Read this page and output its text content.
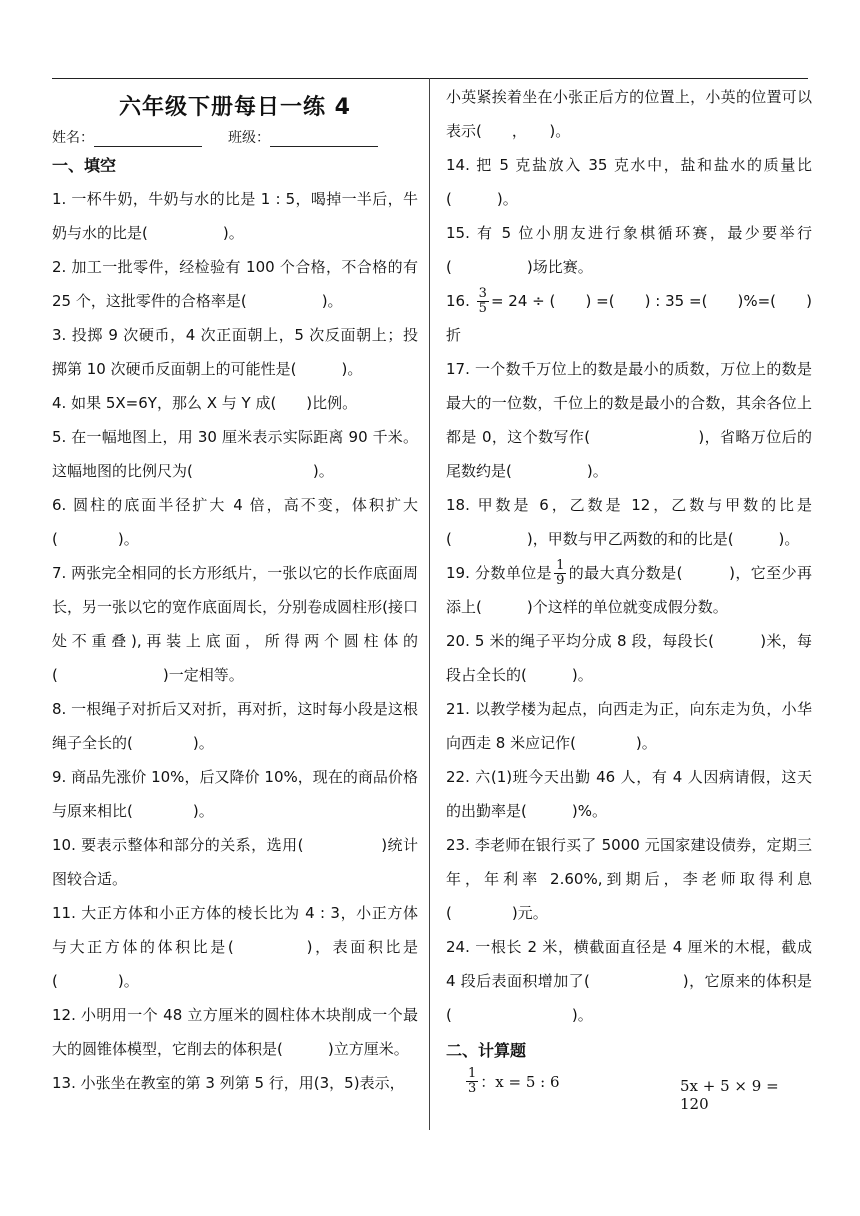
六年级下册每日一练 4
姓名：	班级：
一、填空

1. 一杯牛奶，牛奶与水的比是 1 : 5，喝掉一半后，牛奶与水的比是(　　　　　)。

2. 加工一批零件，经检验有 100 个合格，不合格的有 25 个，这批零件的合格率是(　　　　　)。

3. 投掷 9 次硬币，4 次正面朝上，5 次反面朝上；投掷第 10 次硬币反面朝上的可能性是(　　　)。

4. 如果 5X=6Y，那么 X 与 Y 成(　　)比例。

5. 在一幅地图上，用 30 厘米表示实际距离 90 千米。这幅地图的比例尺为(　　　　　　　　)。

6. 圆柱的底面半径扩大 4 倍，高不变，体积扩大(　　　　)。

7. 两张完全相同的长方形纸片，一张以它的长作底面周长，另一张以它的宽作底面周长，分别卷成圆柱形(接口处不重叠),再装上底面，所得两个圆柱体的(　　　　　　　)一定相等。

8. 一根绳子对折后又对折，再对折，这时每小段是这根绳子全长的(　　　　)。

9. 商品先涨价 10%，后又降价 10%，现在的商品价格与原来相比(　　　　)。

10. 要表示整体和部分的关系，选用(　　　　　)统计图较合适。

11. 大正方体和小正方体的棱长比为 4 : 3，小正方体与大正方体的体积比是(　　　　)，表面积比是(　　　　)。

12. 小明用一个 48 立方厘米的圆柱体木块削成一个最大的圆锥体模型，它削去的体积是(　　　)立方厘米。

13. 小张坐在教室的第 3 列第 5 行，用(3，5)表示，

小英紧挨着坐在小张正后方的位置上，小英的位置可以表示(　　，　　)。

14. 把 5 克盐放入 35 克水中，盐和盐水的质量比(　　　)。

15. 有 5 位小朋友进行象棋循环赛，最少要举行(　　　　　)场比赛。

16. $\frac{3}{5} = 24$ ÷ (　　) =(　　) : 35 =(　　)%=(　　)折

17. 一个数千万位上的数是最小的质数，万位上的数是最大的一位数，千位上的数是最小的合数，其余各位上都是 0，这个数写作(　　　　　　　)，省略万位后的尾数约是(　　　　　)。

18. 甲数是 6，乙数是 12，乙数与甲数的比是(　　　　　)，甲数与甲乙两数的和的比是(　　　)。

19. 分数单位是 $\frac{1}{9}$ 的最大真分数是(　　　)，它至少再添上(　　　)个这样的单位就变成假分数。

20. 5 米的绳子平均分成 8 段，每段长(　　　)米，每段占全长的(　　　)。

21. 以教学楼为起点，向西走为正，向东走为负，小华向西走 8 米应记作(　　　　)。

22. 六(1)班今天出勤 46 人，有 4 人因病请假，这天的出勤率是(　　　)%。

23. 李老师在银行买了 5000 元国家建设债券，定期三年，年利率 2.60%,到期后，李老师取得利息(　　　　)元。

24. 一根长 2 米，横截面直径是 4 厘米的木棍，截成 4 段后表面积增加了(　　　　　　)，它原来的体积是(　　　　　　　　)。

二、计算题
$\frac{1}{3}$ ：x = 5 : 6	5x + 5 × 9 = 120
